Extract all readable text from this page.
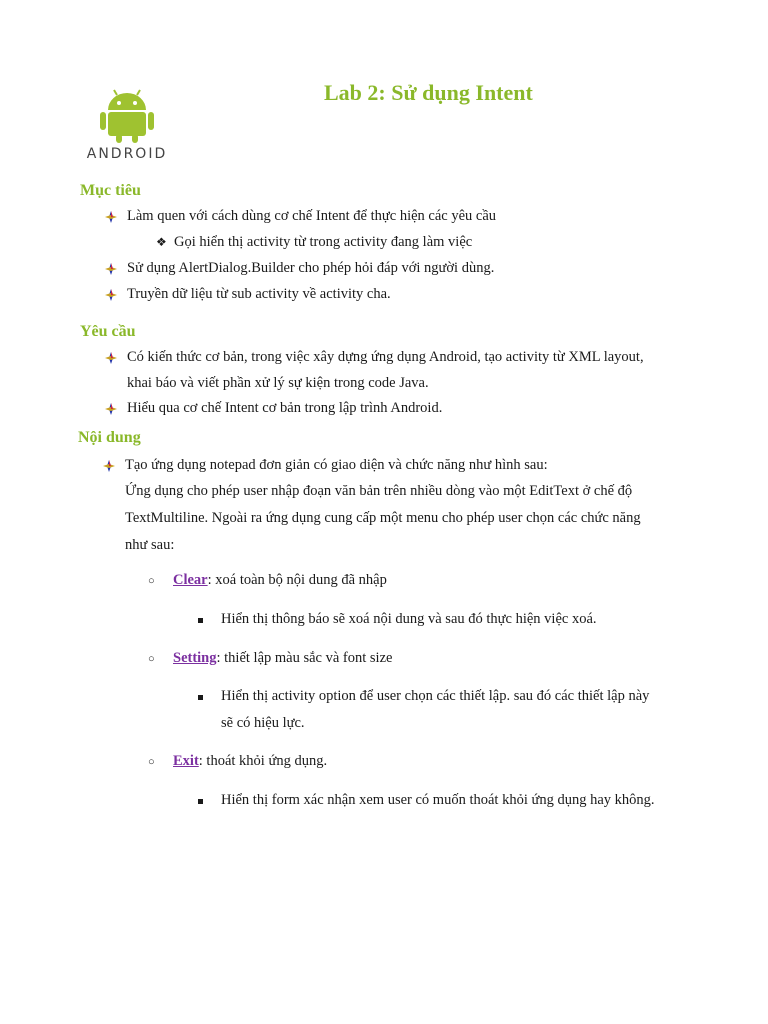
ANDROID
Lab 2: Sử dụng Intent
Mục tiêu
Làm quen với cách dùng cơ chế Intent để thực hiện các yêu cầu
❖ Gọi hiển thị activity từ trong activity đang làm việc
Sử dụng AlertDialog.Builder cho phép hỏi đáp với người dùng.
Truyền dữ liệu từ sub activity về activity cha.
Yêu cầu
Có kiến thức cơ bản, trong việc xây dựng ứng dụng Android, tạo activity từ XML layout,
khai báo và viết phần xử lý sự kiện trong code Java.
Hiểu qua cơ chế Intent cơ bản trong lập trình Android.
Nội dung
Tạo ứng dụng notepad đơn giản có giao diện và chức năng như hình sau:
Ứng dụng cho phép user nhập đoạn văn bản trên nhiều dòng vào một EditText ở chế độ
TextMultiline. Ngoài ra ứng dụng cung cấp một menu cho phép user chọn các chức năng
như sau:
○ Clear: xoá toàn bộ nội dung đã nhập
Hiển thị thông báo sẽ xoá nội dung và sau đó thực hiện việc xoá.
○ Setting: thiết lập màu sắc và font size
Hiển thị activity option để user chọn các thiết lập. sau đó các thiết lập này
sẽ có hiệu lực.
○ Exit: thoát khỏi ứng dụng.
Hiển thị form xác nhận xem user có muốn thoát khỏi ứng dụng hay không.
